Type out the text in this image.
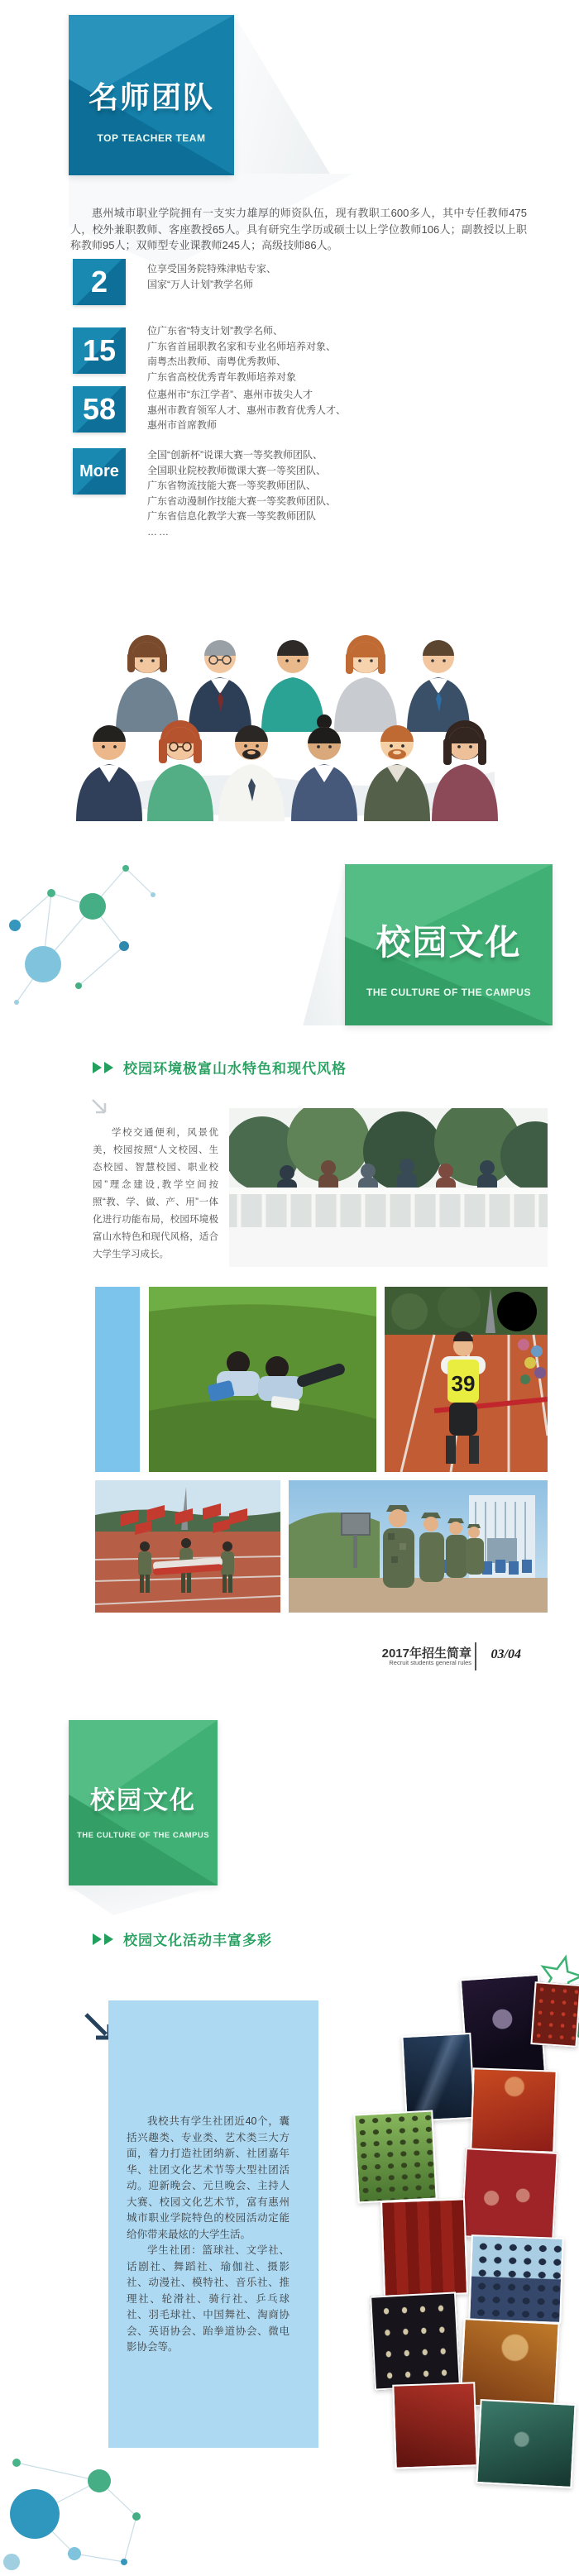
名师团队
TOP TEACHER TEAM
惠州城市职业学院拥有一支实力雄厚的师资队伍，现有教职工600多人，其中专任教师475人，校外兼职教师、客座教授65人。具有研究生学历或硕士以上学位教师106人；副教授以上职称教师95人；双师型专业课教师245人；高级技师86人。
2	位享受国务院特殊津贴专家、
国家“万人计划”教学名师
15
位广东省“特支计划”教学名师、
广东省首届职教名家和专业名师培养对象、
南粤杰出教师、南粤优秀教师、
广东省高校优秀青年教师培养对象
58	位惠州市“东江学者”、惠州市拔尖人才
惠州市教育领军人才、惠州市教育优秀人才、
惠州市首席教师
More
全国“创新杯”说课大赛一等奖教师团队、
全国职业院校教师微课大赛一等奖团队、
广东省物流技能大赛一等奖教师团队、
广东省动漫制作技能大赛一等奖教师团队、
广东省信息化教学大赛一等奖教师团队
……
校园文化
THE CULTURE OF THE CAMPUS
校园环境极富山水特色和现代风格
学校交通便利，风景优美，校园按照“人文校园、生态校园、智慧校园、职业校园”理念建设,教学空间按照“教、学、做、产、用”一体化进行功能布局，校园环境极富山水特色和现代风格，适合大学生学习成长。
39
2017年招生简章
Recruit students general rules
03/04
校园文化
THE CULTURE OF THE CAMPUS
校园文化活动丰富多彩

我校共有学生社团近40个，囊括兴趣类、专业类、艺术类三大方面，着力打造社团纳新、社团嘉年华、社团文化艺术节等大型社团活动。迎新晚会、元旦晚会、主持人大赛、校园文化艺术节，富有惠州城市职业学院特色的校园活动定能给你带来最炫的大学生活。

学生社团：篮球社、文学社、话剧社、舞蹈社、瑜伽社、摄影社、动漫社、模特社、音乐社、推理社、轮滑社、骑行社、乒乓球社、羽毛球社、中国舞社、淘商协会、英语协会、跆拳道协会、微电影协会等。
